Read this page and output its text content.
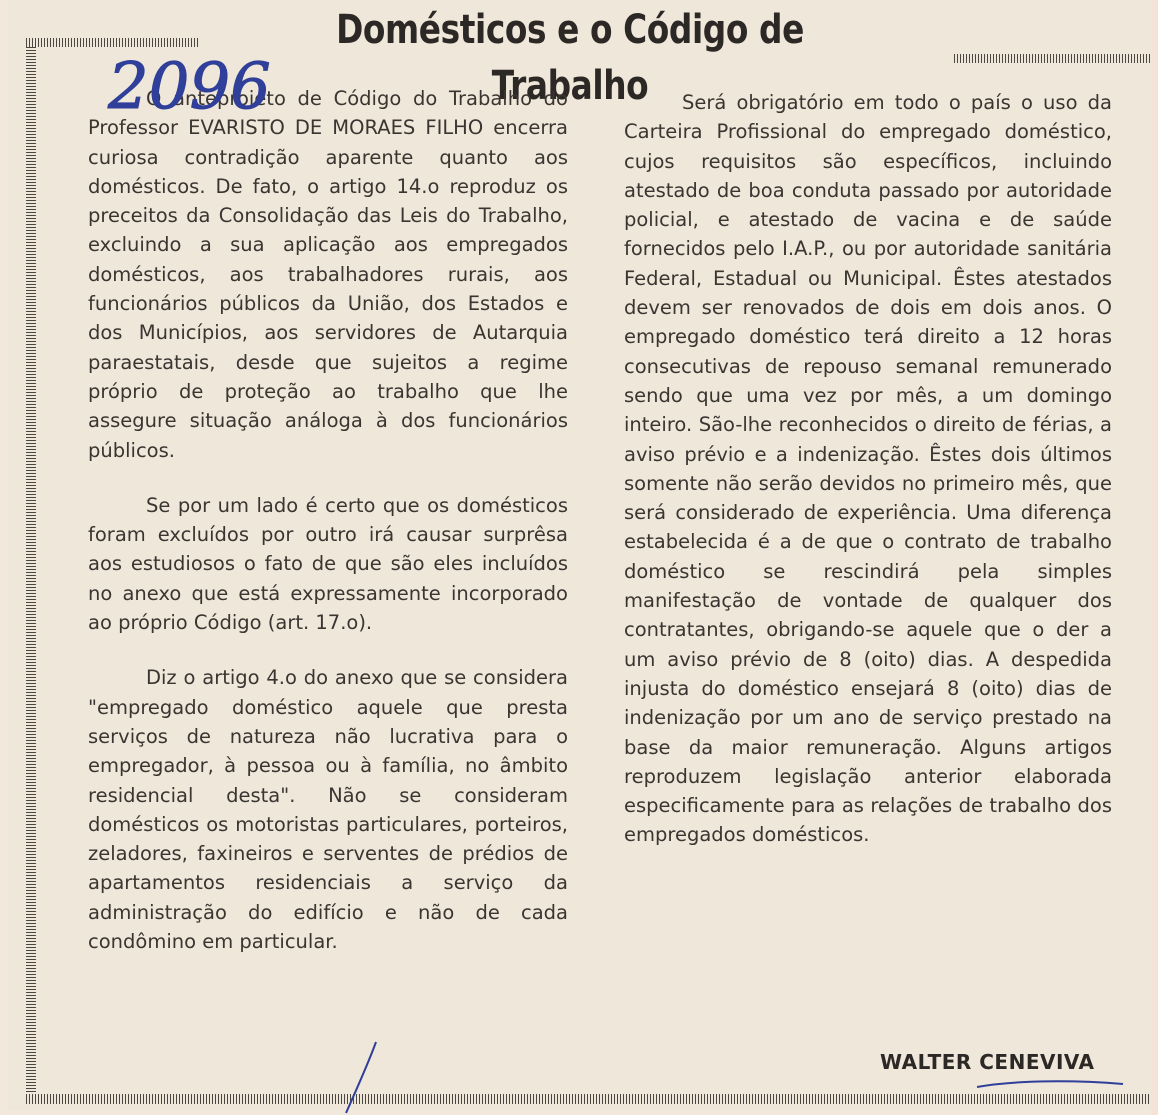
Domésticos e o Código de Trabalho

O anteprojeto de Código do Trabalho do Professor EVARISTO DE MORAES FILHO encerra curiosa contradição aparente quanto aos domésticos. De fato, o artigo 14.o reproduz os preceitos da Consolidação das Leis do Trabalho, excluindo a sua aplicação aos empregados domésticos, aos trabalhadores rurais, aos funcionários públicos da União, dos Estados e dos Municípios, aos servidores de Autarquia paraestatais, desde que sujeitos a regime próprio de proteção ao trabalho que lhe assegure situação análoga à dos funcionários públicos.

Se por um lado é certo que os domésticos foram excluídos por outro irá causar surprêsa aos estudiosos o fato de que são eles incluídos no anexo que está expressamente incorporado ao próprio Código (art. 17.o).

Diz o artigo 4.o do anexo que se considera "empregado doméstico aquele que presta serviços de natureza não lucrativa para o empregador, à pessoa ou à família, no âmbito residencial desta". Não se consideram domésticos os motoristas particulares, porteiros, zeladores, faxineiros e serventes de prédios de apartamentos residenciais a serviço da administração do edifício e não de cada condômino em particular.

Será obrigatório em todo o país o uso da Carteira Profissional do empregado doméstico, cujos requisitos são específicos, incluindo atestado de boa conduta passado por autoridade policial, e atestado de vacina e de saúde fornecidos pelo I.A.P., ou por autoridade sanitária Federal, Estadual ou Municipal. Êstes atestados devem ser renovados de dois em dois anos. O empregado doméstico terá direito a 12 horas consecutivas de repouso semanal remunerado sendo que uma vez por mês, a um domingo inteiro. São-lhe reconhecidos o direito de férias, a aviso prévio e a indenização. Êstes dois últimos somente não serão devidos no primeiro mês, que será considerado de experiência. Uma diferença estabelecida é a de que o contrato de trabalho doméstico se rescindirá pela simples manifestação de vontade de qualquer dos contratantes, obrigando-se aquele que o der a um aviso prévio de 8 (oito) dias. A despedida injusta do doméstico ensejará 8 (oito) dias de indenização por um ano de serviço prestado na base da maior remuneração. Alguns artigos reproduzem legislação anterior elaborada especificamente para as relações de trabalho dos empregados domésticos.

WALTER CENEVIVA
2096
